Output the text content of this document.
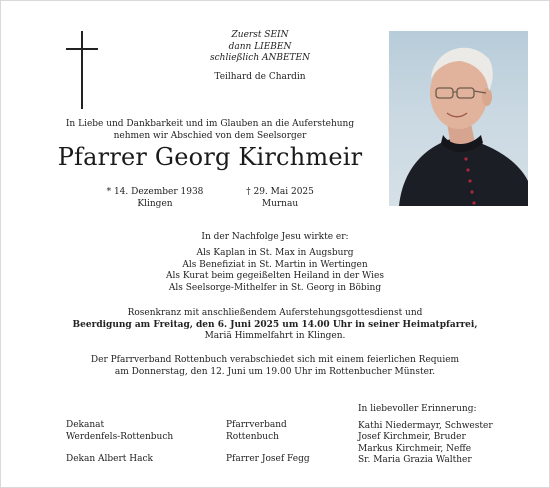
Zuerst SEIN
dann LIEBEN
schließlich ANBETEN
Teilhard de Chardin
In Liebe und Dankbarkeit und im Glauben an die Auferstehung
nehmen wir Abschied von dem Seelsorger
Pfarrer Georg Kirchmeir
* 14. Dezember 1938
Klingen
† 29. Mai 2025
Murnau
In der Nachfolge Jesu wirkte er:
Als Kaplan in St. Max in Augsburg
Als Benefiziat in St. Martin in Wertingen
Als Kurat beim gegeißelten Heiland in der Wies
Als Seelsorge-Mithelfer in St. Georg in Böbing
Rosenkranz mit anschließendem Auferstehungsgottesdienst und
Beerdigung am Freitag, den 6. Juni 2025 um 14.00 Uhr in seiner Heimatpfarrei,
Mariä Himmelfahrt in Klingen.
Der Pfarrverband Rottenbuch verabschiedet sich mit einem feierlichen Requiem
am Donnerstag, den 12. Juni um 19.00 Uhr im Rottenbucher Münster.
Dekanat
Werdenfels-Rottenbuch
Dekan Albert Hack
Pfarrverband
Rottenbuch
Pfarrer Josef Fegg
In liebevoller Erinnerung:
Kathi Niedermayr, Schwester
Josef Kirchmeir, Bruder
Markus Kirchmeir, Neffe
Sr. Maria Grazia Walther
